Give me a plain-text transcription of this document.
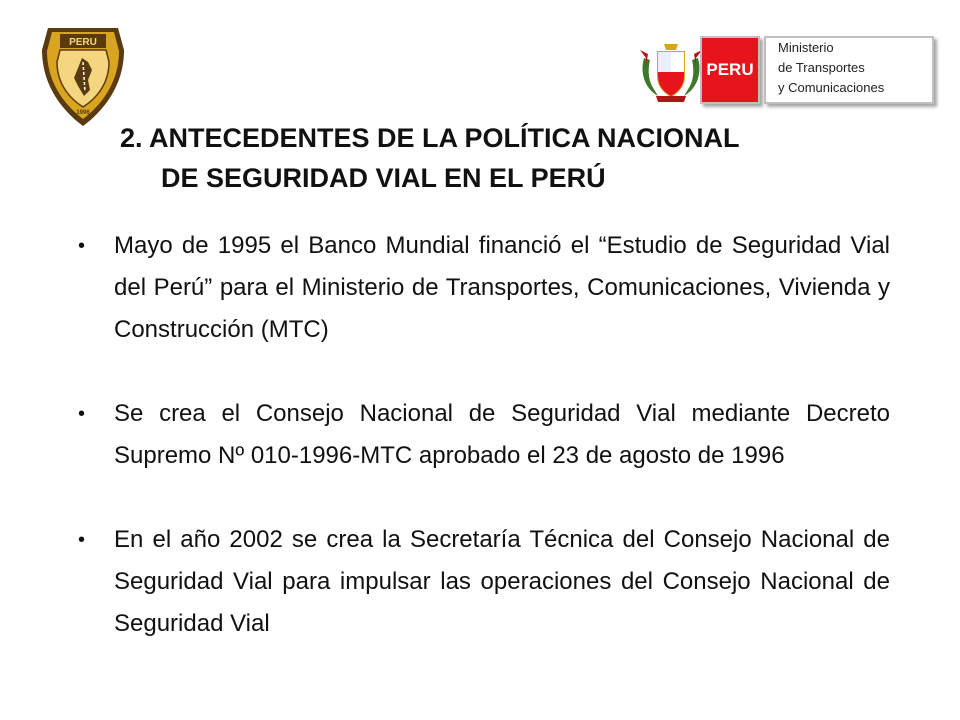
PERU
1996
PERU
Ministerio
de Transportes
y Comunicaciones
2. ANTECEDENTES DE LA POLÍTICA NACIONAL
DE SEGURIDAD VIAL EN EL PERÚ
• Mayo de 1995 el Banco Mundial financió el “Estudio de Seguridad Vial del Perú” para el Ministerio de Transportes, Comunicaciones, Vivienda y Construcción (MTC)
• Se crea el Consejo Nacional de Seguridad Vial mediante Decreto Supremo Nº 010-1996-MTC aprobado el 23 de agosto de 1996
• En el año 2002 se crea la Secretaría Técnica del Consejo Nacional de Seguridad Vial para impulsar las operaciones del Consejo Nacional de Seguridad Vial
